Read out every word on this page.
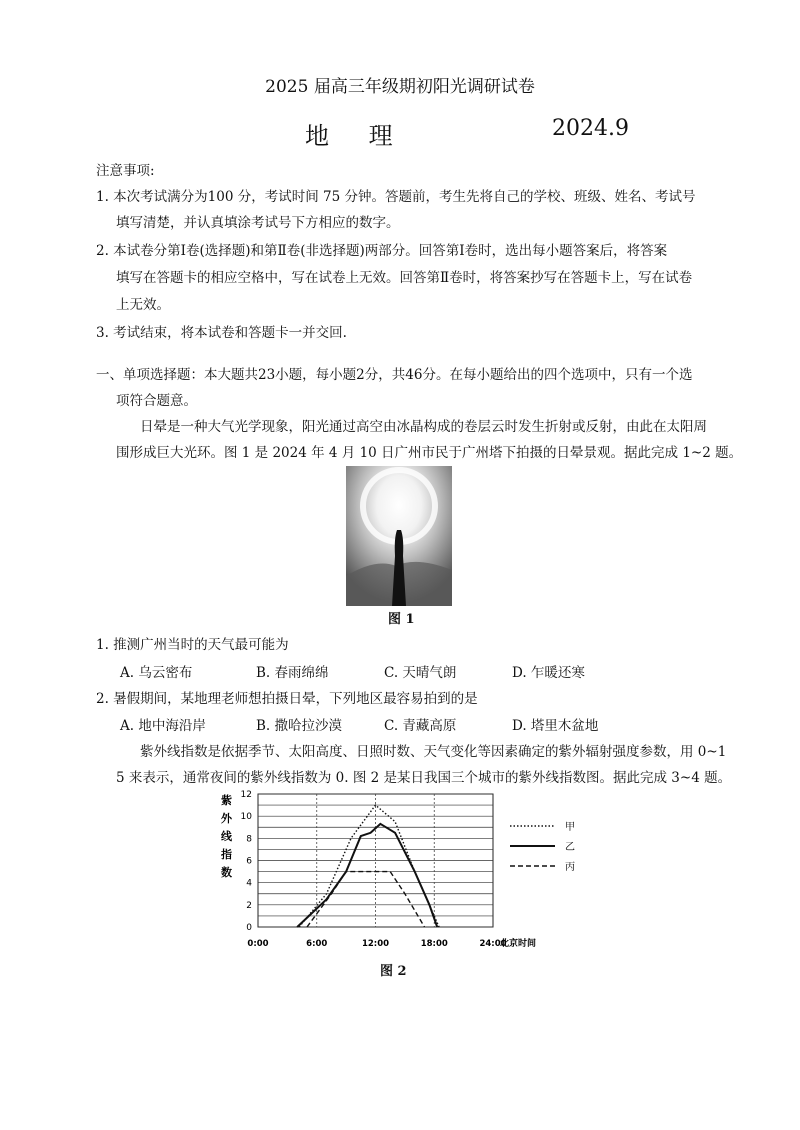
2025 届高三年级期初阳光调研试卷
地 理	2024.9
注意事项:
1. 本次考试满分为100 分，考试时间 75 分钟。答题前，考生先将自己的学校、班级、姓名、考试号
填写清楚，并认真填涂考试号下方相应的数字。
2. 本试卷分第Ⅰ卷(选择题)和第Ⅱ卷(非选择题)两部分。回答第Ⅰ卷时，选出每小题答案后，将答案
填写在答题卡的相应空格中，写在试卷上无效。回答第Ⅱ卷时，将答案抄写在答题卡上，写在试卷
上无效。
3. 考试结束，将本试卷和答题卡一并交回.
一、单项选择题：本大题共23小题，每小题2分，共46分。在每小题给出的四个选项中，只有一个选
项符合题意。
日晕是一种大气光学现象，阳光通过高空由冰晶构成的卷层云时发生折射或反射，由此在太阳周
围形成巨大光环。图 1 是 2024 年 4 月 10 日广州市民于广州塔下拍摄的日晕景观。据此完成 1~2 题。
图 1
1. 推测广州当时的天气最可能为
A. 乌云密布	B. 春雨绵绵	C. 天晴气朗	D. 乍暖还寒
2. 暑假期间，某地理老师想拍摄日晕，下列地区最容易拍到的是
A. 地中海沿岸	B. 撒哈拉沙漠	C. 青藏高原	D. 塔里木盆地
紫外线指数是依据季节、太阳高度、日照时数、天气变化等因素确定的紫外辐射强度参数，用 0~1
5 来表示，通常夜间的紫外线指数为 0. 图 2 是某日我国三个城市的紫外线指数图。据此完成 3~4 题。
紫
外
线
指
数
0
2
4
6
8
10
12
0:00	6:00	12:00	18:00	24:00
甲
乙
丙
北京时间
图 2
